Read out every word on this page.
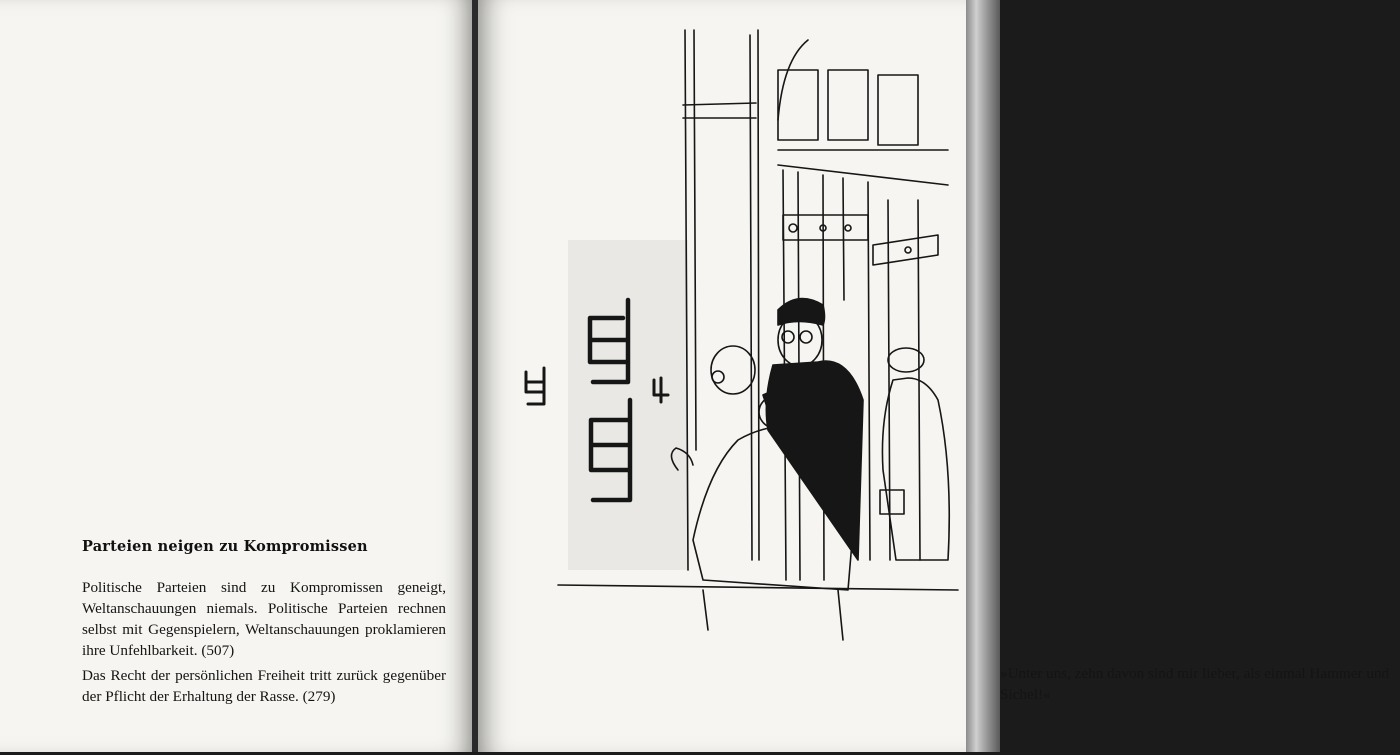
Parteien neigen zu Kompromissen

Politische Parteien sind zu Kompromissen geneigt, Weltanschauungen niemals. Politische Parteien rechnen selbst mit Gegenspielern, Weltanschauungen proklamieren ihre Unfehlbarkeit. (507)

Das Recht der persönlichen Freiheit tritt zurück gegenüber der Pflicht der Erhaltung der Rasse. (279)

»Unter uns, zehn davon sind mir lieber, als einmal Hammer und Sichel!«
